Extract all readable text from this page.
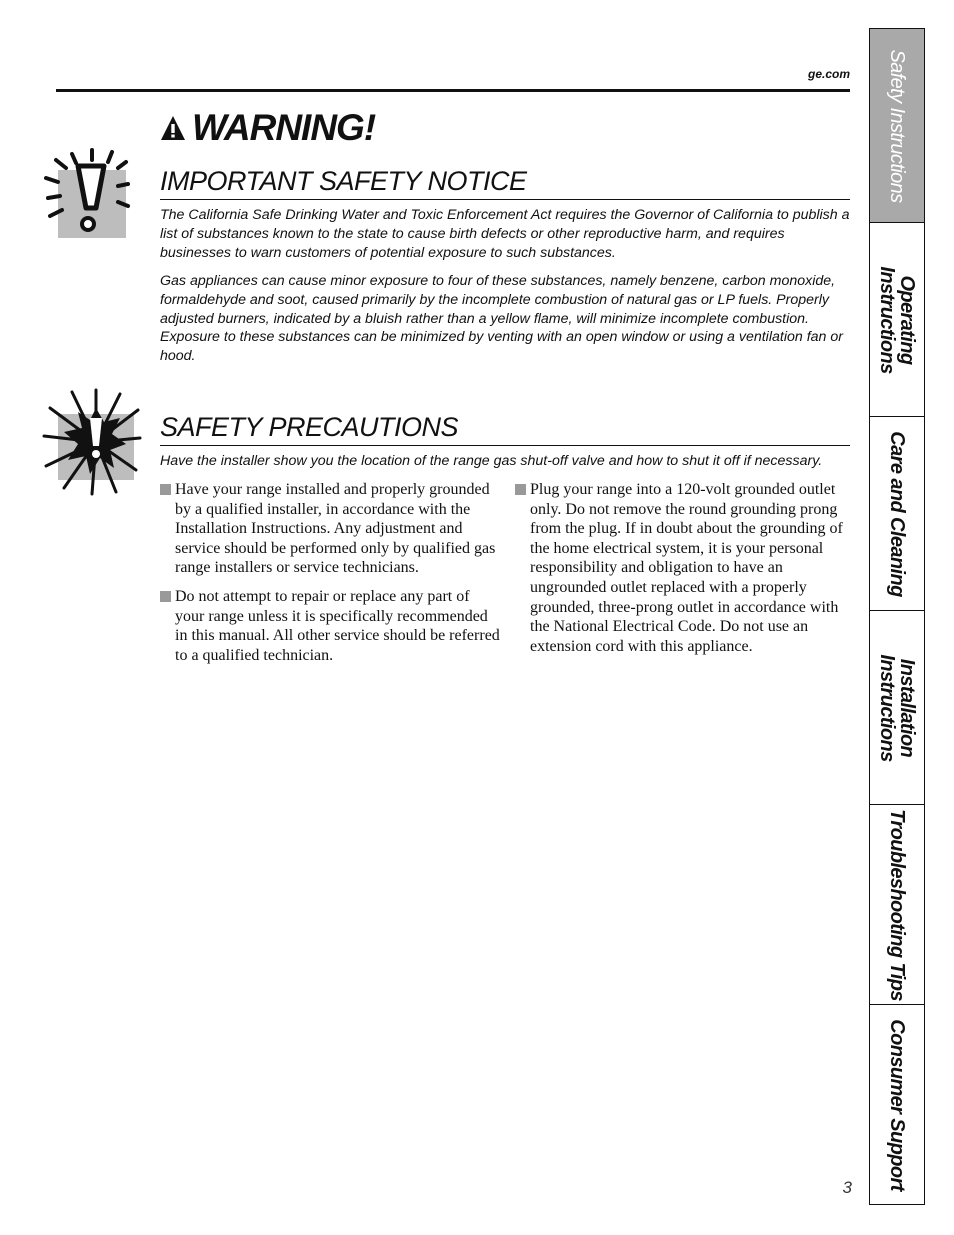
ge.com
WARNING!
IMPORTANT SAFETY NOTICE
The California Safe Drinking Water and Toxic Enforcement Act requires the Governor of California to publish a list of substances known to the state to cause birth defects or other reproductive harm, and requires businesses to warn customers of potential exposure to such substances.
Gas appliances can cause minor exposure to four of these substances, namely benzene, carbon monoxide, formaldehyde and soot, caused primarily by the incomplete combustion of natural gas or LP fuels. Properly adjusted burners, indicated by a bluish rather than a yellow flame, will minimize incomplete combustion. Exposure to these substances can be minimized by venting with an open window or using a ventilation fan or hood.
SAFETY PRECAUTIONS
Have the installer show you the location of the range gas shut-off valve and how to shut it off if necessary.
Have your range installed and properly grounded by a qualified installer, in accordance with the Installation Instructions. Any adjustment and service should be performed only by qualified gas range installers or service technicians.
Do not attempt to repair or replace any part of your range unless it is specifically recommended in this manual. All other service should be referred to a qualified technician.
Plug your range into a 120-volt grounded outlet only. Do not remove the round grounding prong from the plug. If in doubt about the grounding of the home electrical system, it is your personal responsibility and obligation to have an ungrounded outlet replaced with a properly grounded, three-prong outlet in accordance with the National Electrical Code. Do not use an extension cord with this appliance.
Safety Instructions
Operating
Instructions
Care and Cleaning
Installation
Instructions
Troubleshooting Tips
Consumer Support
3
